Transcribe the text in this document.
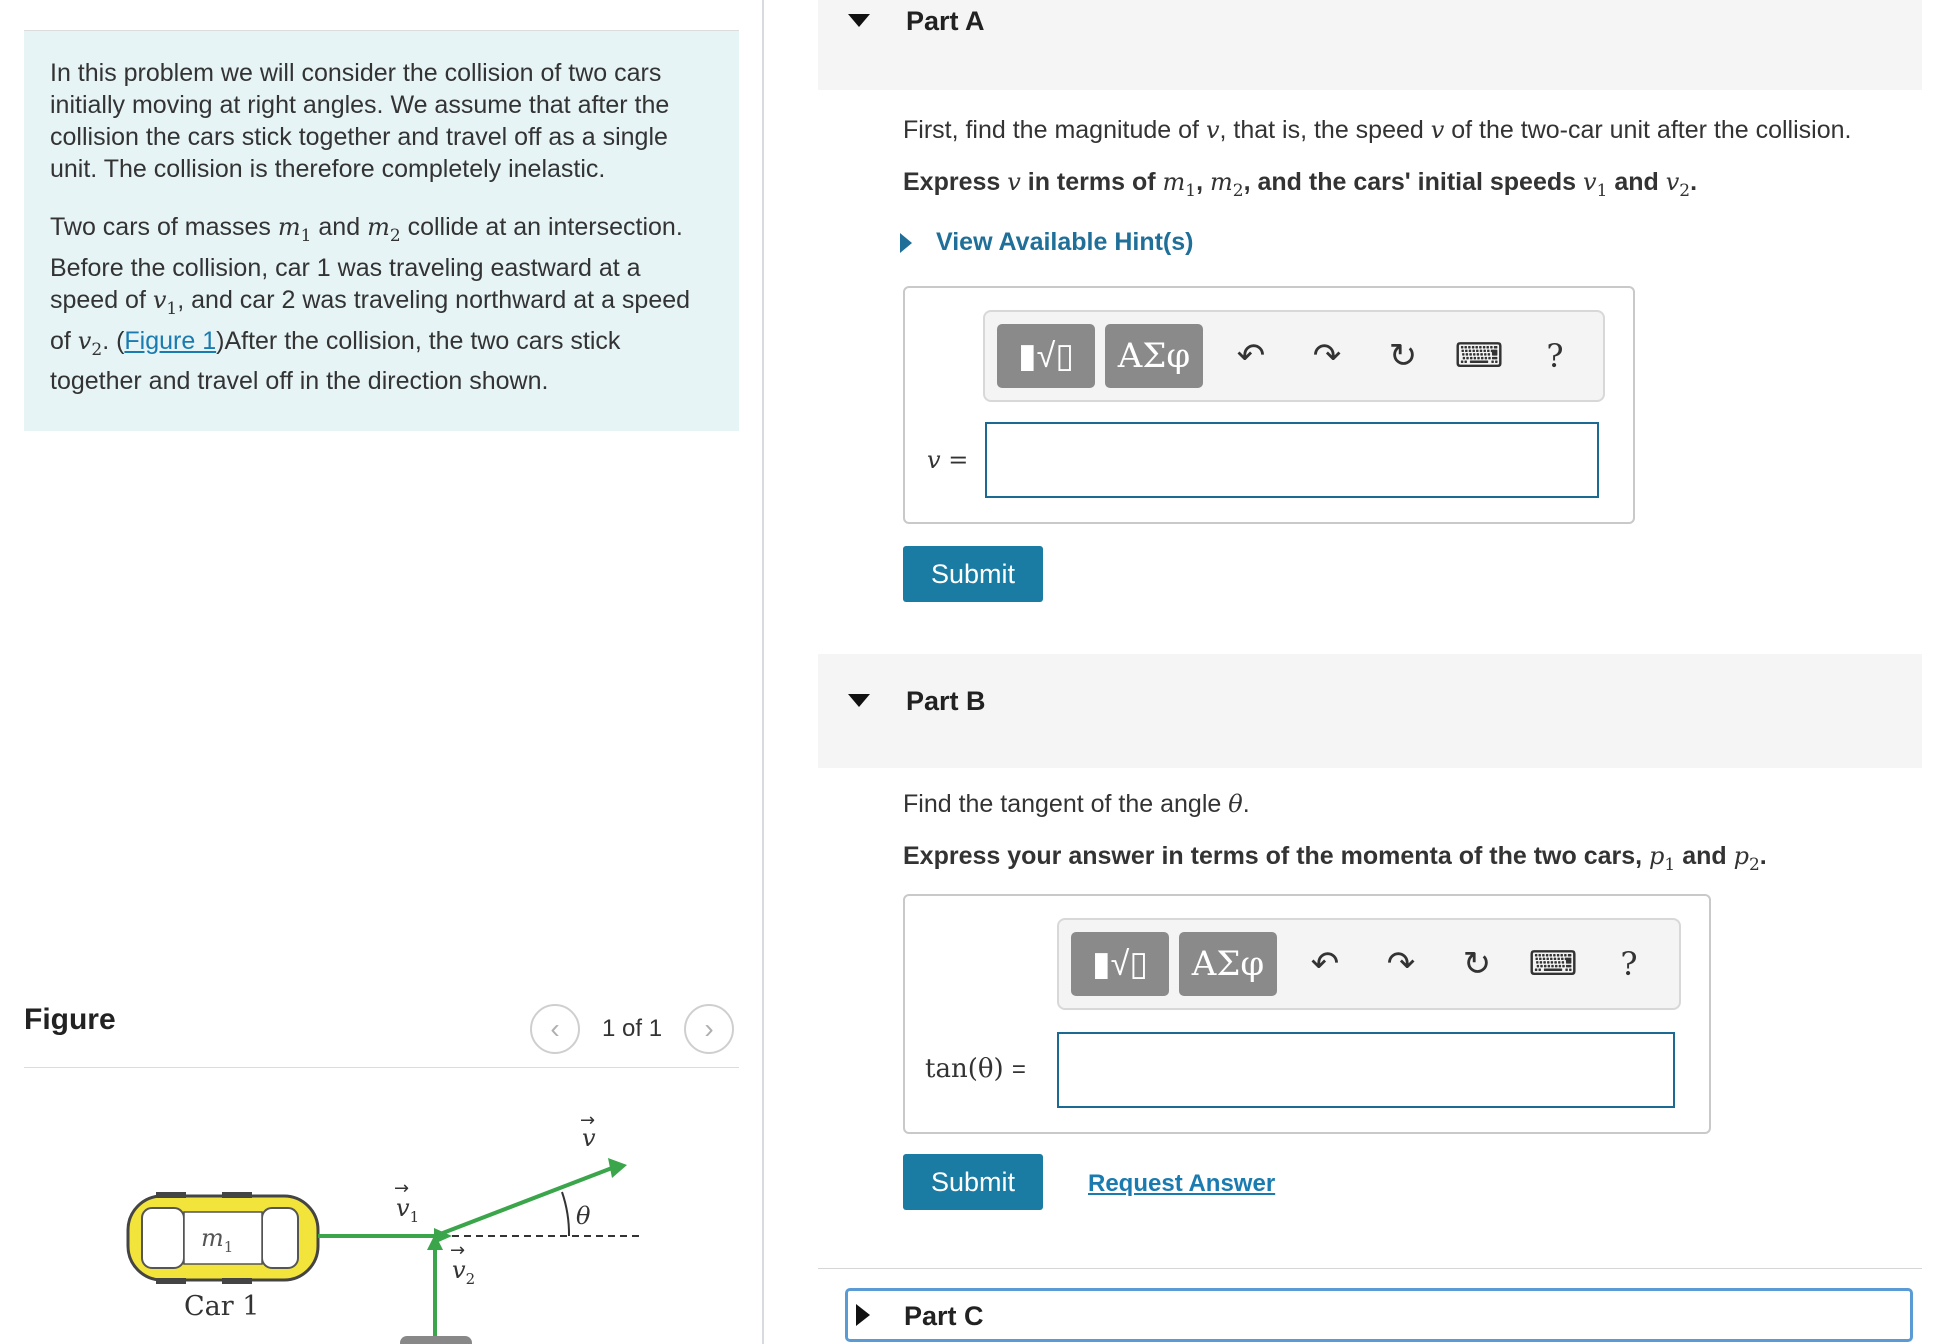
In this problem we will consider the collision of two cars initially moving at right angles. We assume that after the collision the cars stick together and travel off as a single unit. The collision is therefore completely inelastic.

Two cars of masses $m_1$ and $m_2$ collide at an intersection. Before the collision, car 1 was traveling eastward at a speed of $v_1$, and car 2 was traveling northward at a speed of $v_2$. (Figure 1)After the collision, the two cars stick together and travel off in the direction shown.

Figure	‹ 1 of 1 ›
$m_1$
Car 1
θ
v
→
$v_1$
→
$v_2$
→
Part A
First, find the magnitude of v, that is, the speed v of the two-car unit after the collision.
Express v in terms of $m_1$, $m_2$, and the cars' initial speeds $v_1$ and $v_2$.
View Available Hint(s)
▮√▯	ΑΣφ	↶	↷	↻	⌨	?
v =
Submit
Part B
Find the tangent of the angle θ.
Express your answer in terms of the momenta of the two cars, $p_1$ and $p_2$.
▮√▯	ΑΣφ	↶	↷	↻	⌨	?
tan(θ) =
Submit	Request Answer
Part C
